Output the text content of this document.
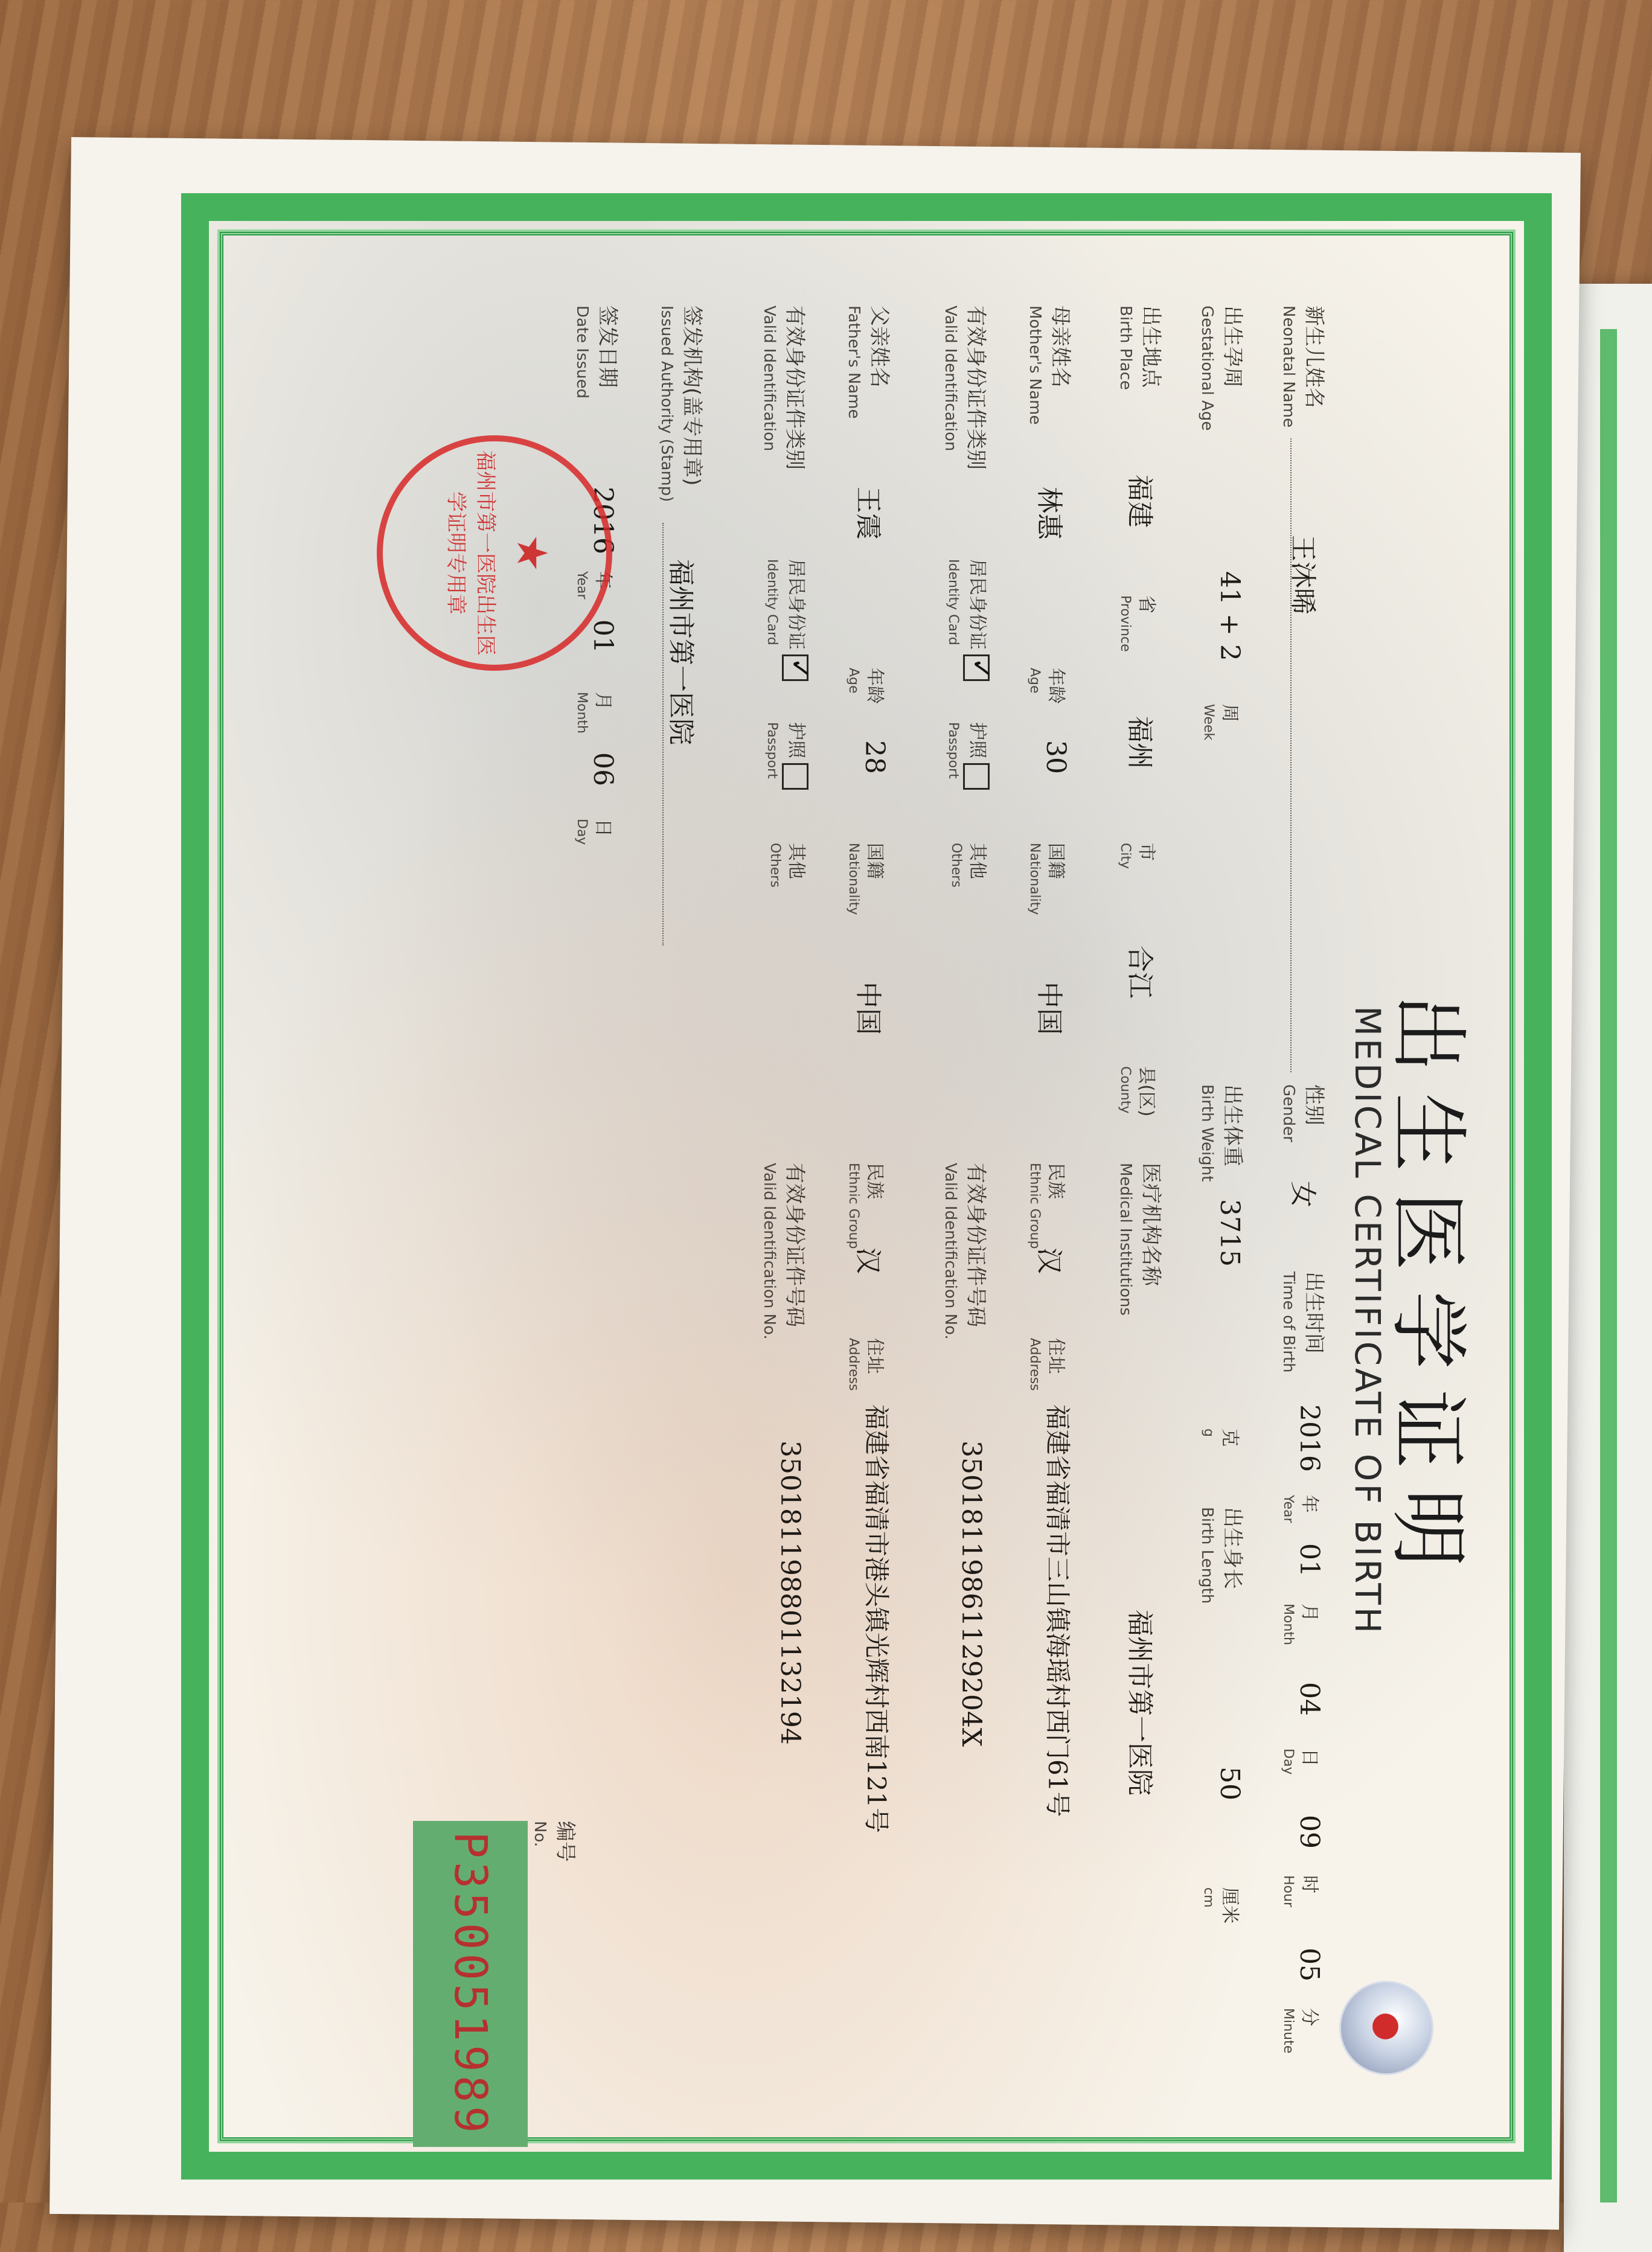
出生医学证明
MEDICAL CERTIFICATE OF BIRTH
●
新生儿姓名
Neonatal Name
王沐晞
性别
Gender
女
出生时间
Time of Birth
2016
年
Year
01
月
Month
04
日
Day
09
时
Hour
05
分
Minute
出生孕周
Gestational Age
41 + 2
周
Week
出生体重
Birth Weight
3715
克
g
出生身长
Birth Length
50
厘米
cm
出生地点
Birth Place
福建
省
Province
福州
市
City
合江
县(区)
County
医疗机构名称
Medical Institutions
福州市第一医院
母亲姓名
Mother's Name
林惠
年龄
Age
30
国籍
Nationality
中国
民族
Ethnic Group
汉
住址
Address
福建省福清市三山镇海瑶村西门61号
有效身份证件类别
Valid Identification
居民身份证✓
Identity Card
护照
Passport
其他
Others
有效身份证件号码
Valid Identification No.
35018119861129204X
父亲姓名
Father's Name
王震
年龄
Age
28
国籍
Nationality
中国
民族
Ethnic Group
汉
住址
Address
福建省福清市港头镇光辉村西南121号
有效身份证件类别
Valid Identification
居民身份证✓
Identity Card
护照
Passport
其他
Others
有效身份证件号码
Valid Identification No.
350181198801132194
签发机构(盖专用章)
Issued Authority (Stamp)
福州市第一医院
签发日期
Date Issued
2016
年
Year
01
月
Month
06
日
Day
★
福州市第一医院出生医学证明专用章
编号
No.
P350051989
